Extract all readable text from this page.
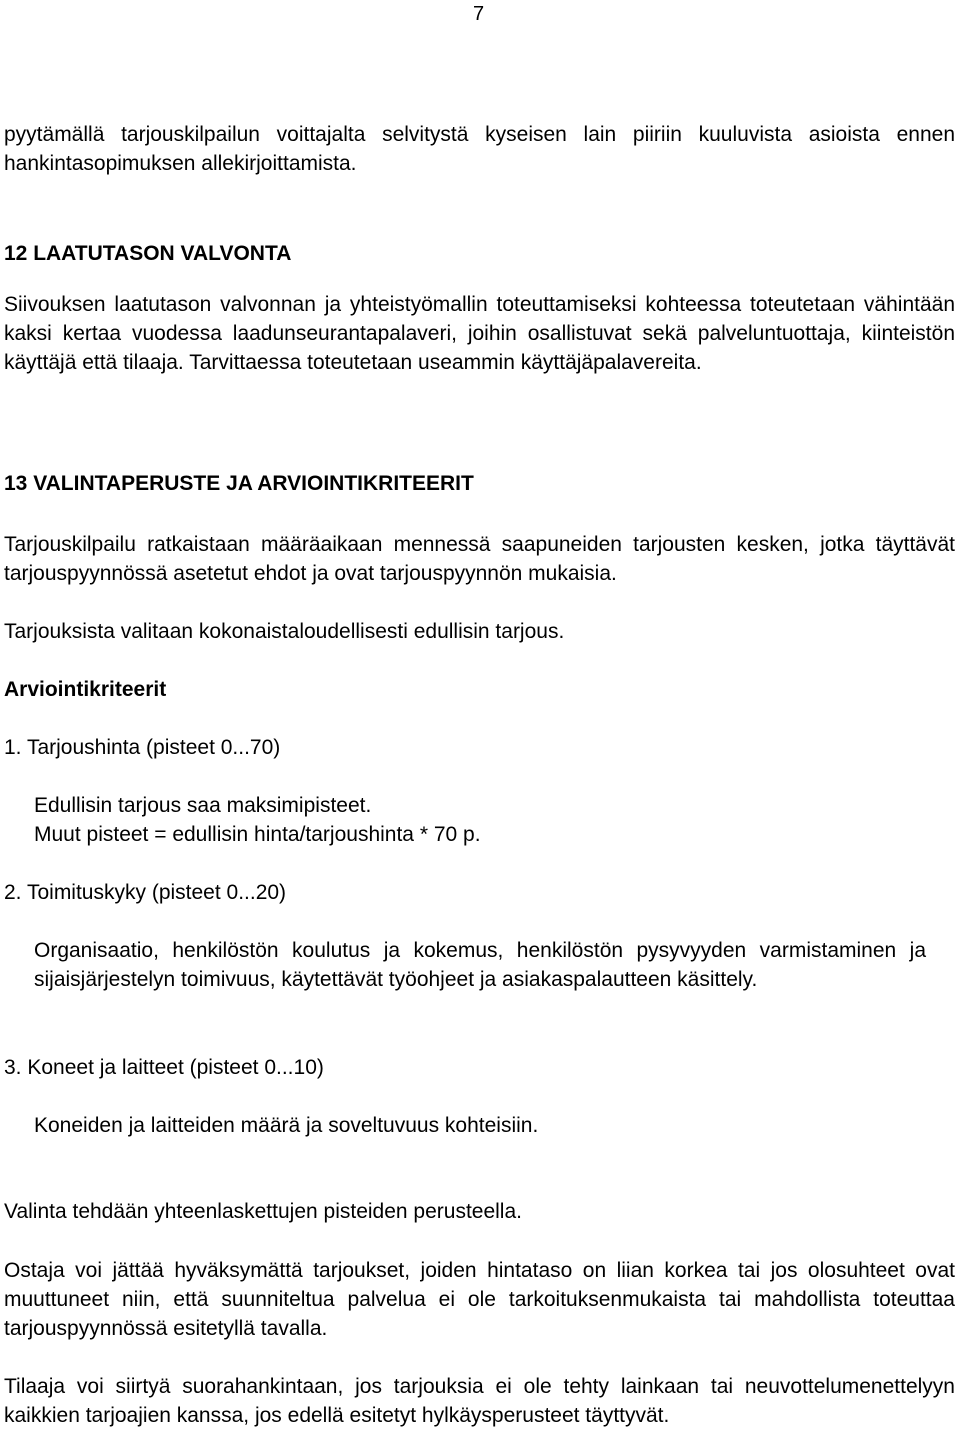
7

pyytämällä tarjouskilpailun voittajalta selvitystä kyseisen lain piiriin kuuluvista asioista ennen hankintasopimuksen allekirjoittamista.

12 LAATUTASON VALVONTA

Siivouksen laatutason valvonnan ja yhteistyömallin toteuttamiseksi kohteessa toteutetaan vähintään kaksi kertaa vuodessa laadunseurantapalaveri, joihin osallistuvat sekä palveluntuottaja, kiinteistön käyttäjä että tilaaja. Tarvittaessa toteutetaan useammin käyttäjäpalavereita.

13 VALINTAPERUSTE JA ARVIOINTIKRITEERIT

Tarjouskilpailu ratkaistaan määräaikaan mennessä saapuneiden tarjousten kesken, jotka täyttävät tarjouspyynnössä asetetut ehdot ja ovat tarjouspyynnön mukaisia.

Tarjouksista valitaan kokonaistaloudellisesti edullisin tarjous.

Arviointikriteerit
1. Tarjoushinta (pisteet 0...70)
Edullisin tarjous saa maksimipisteet.
Muut pisteet = edullisin hinta/tarjoushinta * 70 p.
2. Toimituskyky (pisteet 0...20)

Organisaatio, henkilöstön koulutus ja kokemus, henkilöstön pysyvyyden varmistaminen ja sijaisjärjestelyn toimivuus, käytettävät työohjeet ja asiakaspalautteen käsittely.

3. Koneet ja laitteet (pisteet 0...10)
Koneiden ja laitteiden määrä ja soveltuvuus kohteisiin.

Valinta tehdään yhteenlaskettujen pisteiden perusteella.

Ostaja voi jättää hyväksymättä tarjoukset, joiden hintataso on liian korkea tai jos olosuhteet ovat muuttuneet niin, että suunniteltua palvelua ei ole tarkoituksenmukaista tai mahdollista toteuttaa tarjouspyynnössä esitetyllä tavalla.

Tilaaja voi siirtyä suorahankintaan, jos tarjouksia ei ole tehty lainkaan tai neuvottelumenettelyyn kaikkien tarjoajien kanssa, jos edellä esitetyt hylkäysperusteet täyttyvät.
